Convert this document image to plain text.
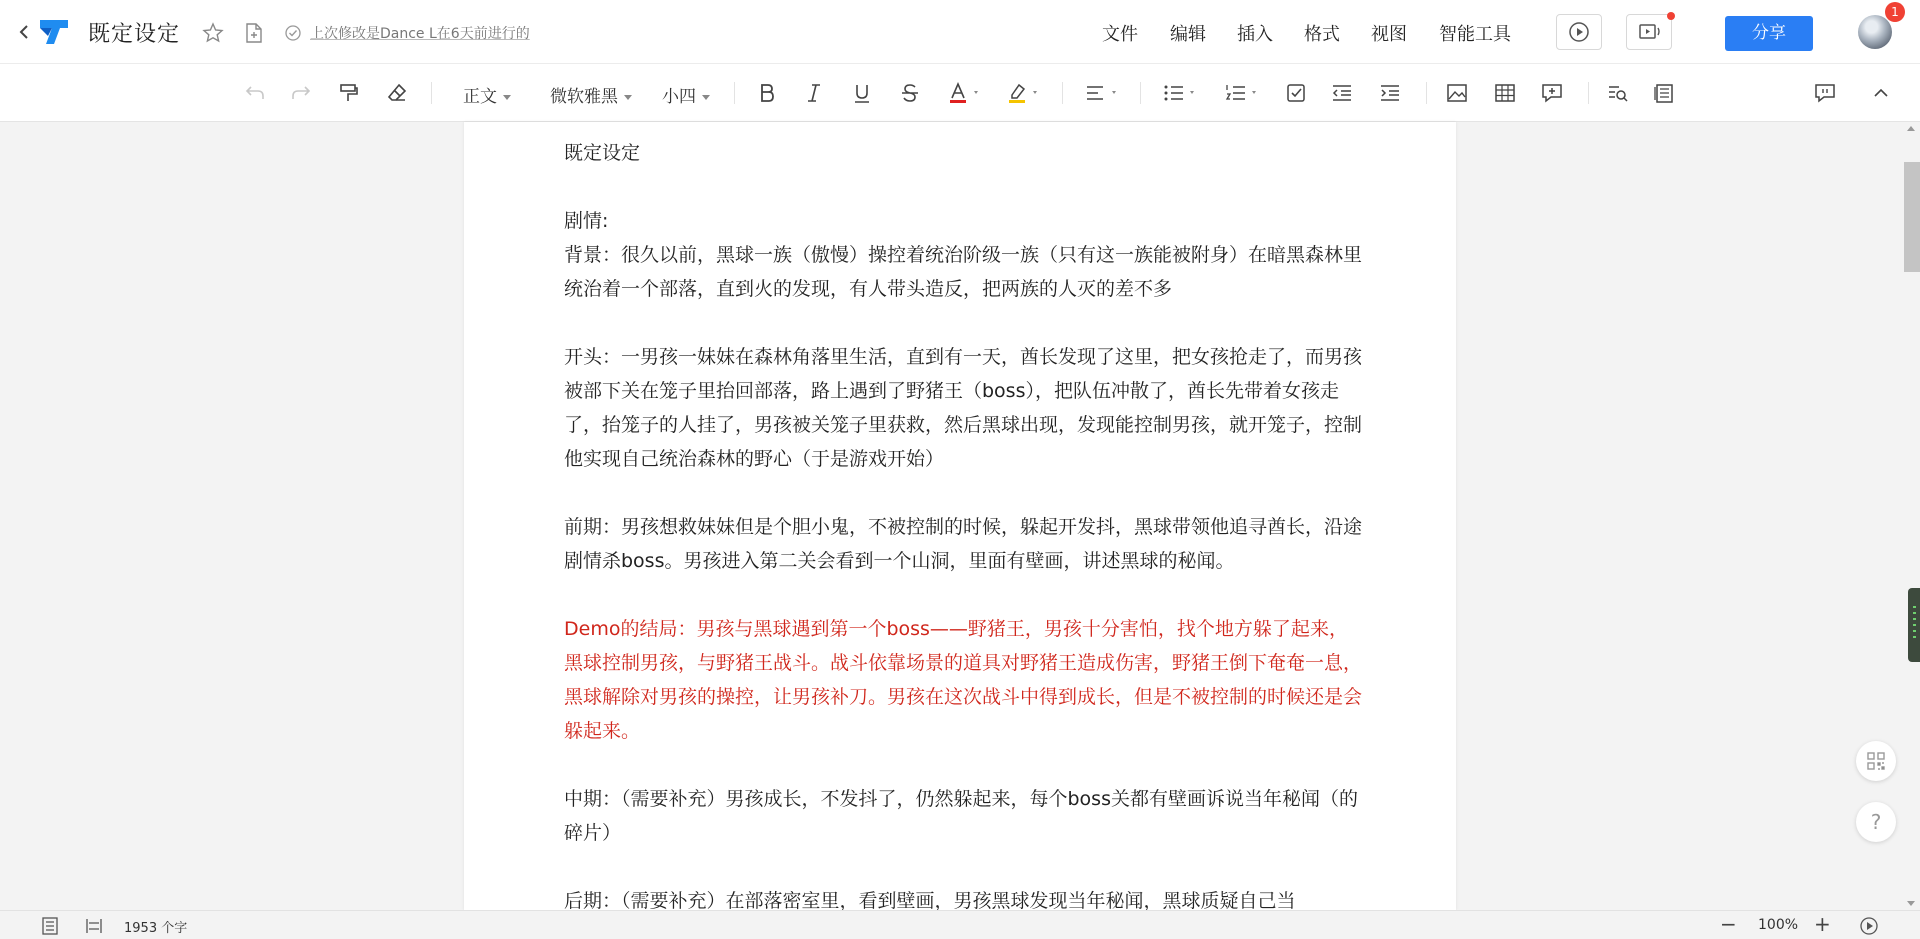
既定设定	上次修改是Dance L在6天前进行的	文件 编辑 插入 格式 视图 智能工具	分享
1
正文	微软雅黑	小四

既定设定

剧情:

背景：很久以前，黑球一族（傲慢）操控着统治阶级一族（只有这一族能被附身）在暗黑森林里统治着一个部落，直到火的发现，有人带头造反，把两族的人灭的差不多

开头：一男孩一妹妹在森林角落里生活，直到有一天，酋长发现了这里，把女孩抢走了，而男孩被部下关在笼子里抬回部落，路上遇到了野猪王（boss），把队伍冲散了，酋长先带着女孩走了，抬笼子的人挂了，男孩被关笼子里获救，然后黑球出现，发现能控制男孩，就开笼子，控制他实现自己统治森林的野心（于是游戏开始）

前期：男孩想救妹妹但是个胆小鬼，不被控制的时候，躲起开发抖，黑球带领他追寻酋长，沿途剧情杀boss。男孩进入第二关会看到一个山洞，里面有壁画，讲述黑球的秘闻。

Demo的结局：男孩与黑球遇到第一个boss——野猪王，男孩十分害怕，找个地方躲了起来，黑球控制男孩，与野猪王战斗。战斗依靠场景的道具对野猪王造成伤害，野猪王倒下奄奄一息，黑球解除对男孩的操控，让男孩补刀。男孩在这次战斗中得到成长，但是不被控制的时候还是会躲起来。

中期：（需要补充）男孩成长，不发抖了，仍然躲起来，每个boss关都有壁画诉说当年秘闻（的碎片）

后期：（需要补充）在部落密室里，看到壁画，男孩黑球发现当年秘闻，黑球质疑自己当

?
1953 个字	− 100% +
